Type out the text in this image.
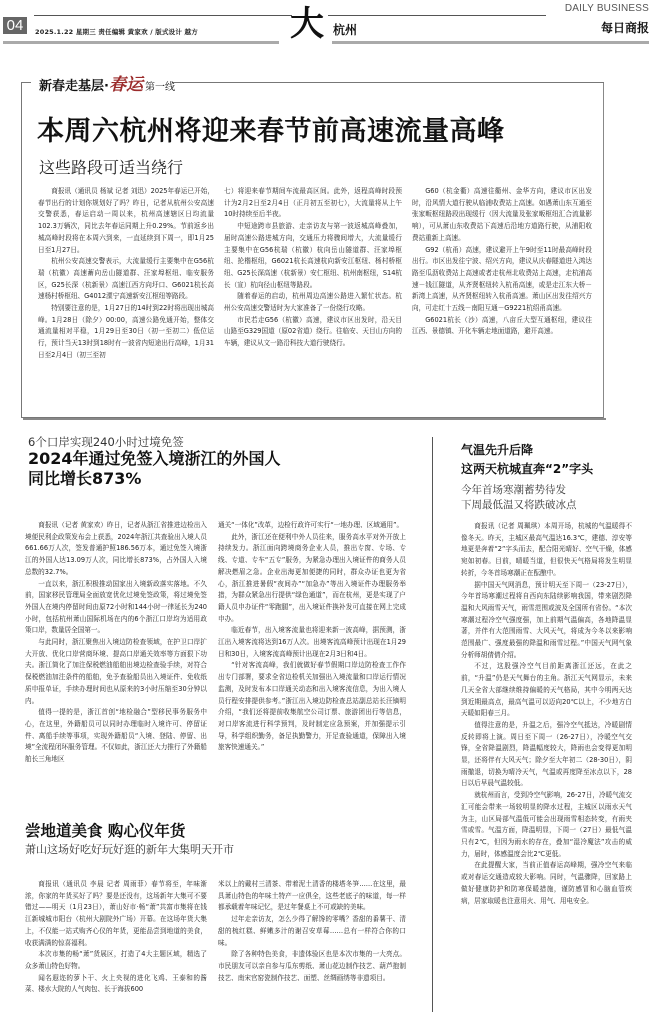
04	2025.1.22 星期三 责任编辑 黄家欢 / 版式设计 越方	大 杭州
DAILY BUSINESS
每日商报
新春走基层·春运 第一线
本周六杭州将迎来春节前高速流量高峰
这些路段可适当绕行

商报讯（通讯员 杨斌 记者 刘迅）2025年春运已开始，春节出行的计划你规划好了吗？昨日，记者从杭州公安高速交警获悉，春运启动一周以来，杭州高速辖区日均流量102.3万辆次，同比去年春运同期上升0.29%。节前返乡出城高峰时段将在本周六到来，一直延续到下周一，即1月25日至1月27日。

杭州公安高速交警表示，大流量缓行主要集中在G56杭瑞（杭徽）高速蓄向岳山隧道群、汪家埠枢纽、临安服务区，G25长深（杭新景）高速江西方向圩口、G6021杭长高速杨村桥枢纽、G4012溧宁高速新安江枢纽等路段。

特别要注意的是，1月27日的14时到22时将出现出城高峰。1月28日（除夕）00:00，高速公路免通开始，整体交通流量相对平稳，1月29日至30日（初一至初二）低位运行，预计当天13时到18时有一波省内短途出行高峰，1月31日至2月4日（初三至初

七）将迎来春节期间车流最高区间。此外，返程高峰时段预计为2月2日至2月4日（正月初五至初七），大流量将从上午10时持续至后半夜。

中短途跨市县旅游、走亲访友与第一波返城高峰叠加，届时高速公路进城方向，交通压力将骤间增大，大流量缓行主要集中在G56杭瑞（杭徽）杭向岳山隧道群、汪家埠枢纽、抡楷枢纽，G6021杭长高速杭向新安江枢纽、杨村桥枢纽、G25长深高速（杭新景）安仁枢纽、杭州南枢纽，S14杭长（宣）杭向径山枢纽等路段。

随着春运的启动，杭州周边高速公路进入繁忙状态。杭州公安高速交警适时为大家准备了一份绕行攻略。

市民若走G56（杭徽）高速，建议市区出发时，沿天目山路至G329国道（原02省道）绕行。往临安、天目山方向的车辆，建议从文一路沿科技大道行驶绕行。

G60（杭金衢）高速往衢州、金华方向，建议市区出发时，沿风情大道行驶从临浦收费站上高速。如遇萧山东互通至张家畈枢纽路段出现缓行（因大流量及张家畈枢纽汇合流量影响），可从萧山东收费站下高速后沿地方道路行驶，从浦阳收费站重新上高速。

G92（杭甬）高速，建议避开上午9时至11时最高峰时段出行。市区出发往宁波、绍兴方向，建议从庆春隧道进入鸿达路至瓜沥收费站上高速或者走杭州北收费站上高速，走杭浦高速－钱江隧道，从齐贤枢纽转入杭甬高速，或是走江东大桥－新湾上高速，从齐贤枢纽转入杭甬高速。萧山区出发往绍兴方向，可走红十五线－南阳互通－G9221杭绍甬高速。

G6021杭长（沙）高速，八亩丘大型互通枢纽，建议往江西、景德镇、开化车辆走地面道路，避开高速。

6个口岸实现240小时过境免签
2024年通过免签入境浙江的外国人
同比增长873%

商报讯（记者 黄家欢）昨日，记者从浙江省推进边检出入境便民利企政策发布会上获悉，2024年浙江共查验出入境人员661.66万人次，签发普通护照186.56万本，通过免签入境浙江的外国人达13.09万人次，同比增长873%，占外国人入境总数的32.7%。

一直以来，浙江积极推动国家出入境新政落实落地。不久前，国家移民管理局全面放宽优化过境免签政策，将过境免签外国人在境内停留时间由原72小时和144小时一律延长为240小时，包括杭州萧山国际机场在内的6个浙江口岸均为适用政策口岸，数量居全国第一。

与此同时，浙江聚焦出入境边防检查领域，在护卫口岸扩大开放、优化口岸营商环境、提高口岸通关效率等方面狠下功夫。浙江简化了加注保税燃油船舶出境边检查验手续，对符合保税燃油加注条件的船舶，免予查验船员出入境证件、免收纸质申报单证，手续办理时间也从原来的3小时压缩至30分钟以内。

值得一提的是，浙江首创“地检融合”型移民事务服务中心，在这里，外籍船员可以同时办理临时入境许可、停留证件、离船手续等事项，实现外籍船员“入境、登陆、停留、出境”全流程闭环服务管理。不仅如此，浙江还大力推行了外籍船舶长三角地区

通关“一体化”改革，边检行政许可实行“一地办理、区域通用”。

此外，浙江还在便利中外人员往来，服务高水平对外开放上持续发力。浙江面向跨境商务企业人员，推出专窗、专场、专线、专道、专车“五专”服务，为紧急办理出入境证件的商务人员解决燃眉之急。企业出海更加便捷的同时，群众办证也更为省心，浙江推进暑假“夜间办”“加急办”等出入境证件办理服务举措，为群众紧急出行提供“绿色通道”，而在杭州，更是实现了户籍人员申办证件“零跑腿”，出入境证件换补发可直接在网上完成申办。

临近春节，出入境客流量也将迎来新一波高峰，据预测，浙江出入境客流将达到16万人次。出境客流高峰预计出现在1月29日和30日，入境客流高峰预计出现在2月3日和4日。

“针对客流高峰，我们就做好春节假期口岸边防检查工作作出专门部署，要求全省边检机关加强出入境流量和口岸运行情况监测，及时发布本口岸通关动态和出入境客流信息，为出入境人员行程安排提供参考。”浙江出入境边防检查总站副总站长汪镝明介绍，“我们还将提前收集航空公司订票、旅游团出行等信息，对口岸客流进行科学预判，及时制定应急预案，并加强提示引导，科学组织勤务，备足执勤警力，开足查验通道，保障出入境旅客快速通关。”

尝地道美食 购心仪年货
萧山这场好吃好玩好逛的新年大集明天开市

商报讯（通讯员 李晨 记者 周雨菲）春节将至，年味渐浓，你家的年货买好了吗？要是还没有，这场新年大集可不要错过——明天（1月23日），萧山好市·畅“萧”共富市集将在钱江新城城市阳台（杭州大剧院外广场）开幕。在这场年货大集上，不仅能一站式购齐心仪的年货，更能品尝到地道的美食，收获满满的惊喜福利。

本次市集的畅“萧”货展区，打造了4大主题区域，精选了众多萧山特色好物。

闻名遐迩的萝卜干、火上央视的进化飞鸡、王泰和的酱菜、楼水大院的人气肉包、长于海拔600

米以上的戴村三清茶、带着泥土清香的楼塔冬笋……在这里，最具萧山特色的年味土特产一应俱全，这些老底子的味道，每一样都承载着年味记忆，是过年餐桌上不可或缺的美味。

过年走亲访友，怎么少得了解馋的零嘴？香甜的番薯干、清甜的梳红糕、鲜嫩多汁的谢召安草莓……总有一样符合你的口味。

除了各种特色美食，非遗体验区也是本次市集的一大亮点。市民朋友可以亲自参与瓜东剪纸、萧山花边制作技艺、葫芦抱制技艺、南宋官窑瓷制作技艺、面塑、丝绸画绣等非遗项目。

气温先升后降
这两天杭城直奔“2”字头
今年首场寒潮蓄势待发
下周最低温又将跌破冰点

商报讯（记者 周珮琪）本周开场，杭城的气温暖得不像冬天。昨天，主城区最高气温达16.3℃，建德、淳安等地更是奔着“2”字头而去，配合阳光晴好、空气干燥，体感宛如初春。目前，晴暖当道，但很快天气格局将发生明显转折，今冬首场寒潮正在酝酿中。

据中国天气网消息，预计明天至下周一（23-27日），今年首场寒潮过程将自西向东陆续影响我国，带来剧烈降温和大风雨雪天气，雨雪范围或波及全国所有省份。“本次寒潮过程冷空气强度强，加上前期气温偏高，各地降温显著，并伴有大范围雨雪、大风天气，将成为今冬以来影响范围最广、强度最强的降温和雨雪过程。”中国天气网气象分析师胡倩倩介绍。

不过，这股强冷空气目前距离浙江还远，在此之前，“升温”仍是天气舞台的主角。浙江天气网显示，未来几天全省大部继续维持偏暖的天气格局，其中今明两天达到近期最高点，最高气温可以迈向20℃以上，不少地方白天暖如阳春三月。

值得注意的是，升温之后，强冷空气抵达，冷暖剧情反转即将上演。周日至下周一（26-27日），冷暖空气交锋，全省降温剧烈，降温幅度较大，降雨也会变得更加明显，还将伴有大风天气；除夕至大年初二（28-30日），阴雨撤退，切换为晴冷天气，气温或再度降至冰点以下，28日以后早晨气温较低。

就杭州而言，受到冷空气影响，26-27日，冷暖气流交汇可能会带来一场较明显的降水过程，主城区以雨水天气为主，山区局部气温低可能会出现雨雪相态转变，有雨夹雪或雪。气温方面，降温明显，下周一（27日）最低气温只有2℃，但因为雨水的存在，叠加“湿冷魔法”攻击的威力，届时，体感温度会比2℃更低。

在此提醒大家，当前正值春运高峰期，强冷空气来临或对春运交通造成较大影响。同时，气温骤降，回家路上做好健康防护和防寒保暖措施，谨防感冒和心脑血管疾病，居家取暖也注意用火、用气、用电安全。
